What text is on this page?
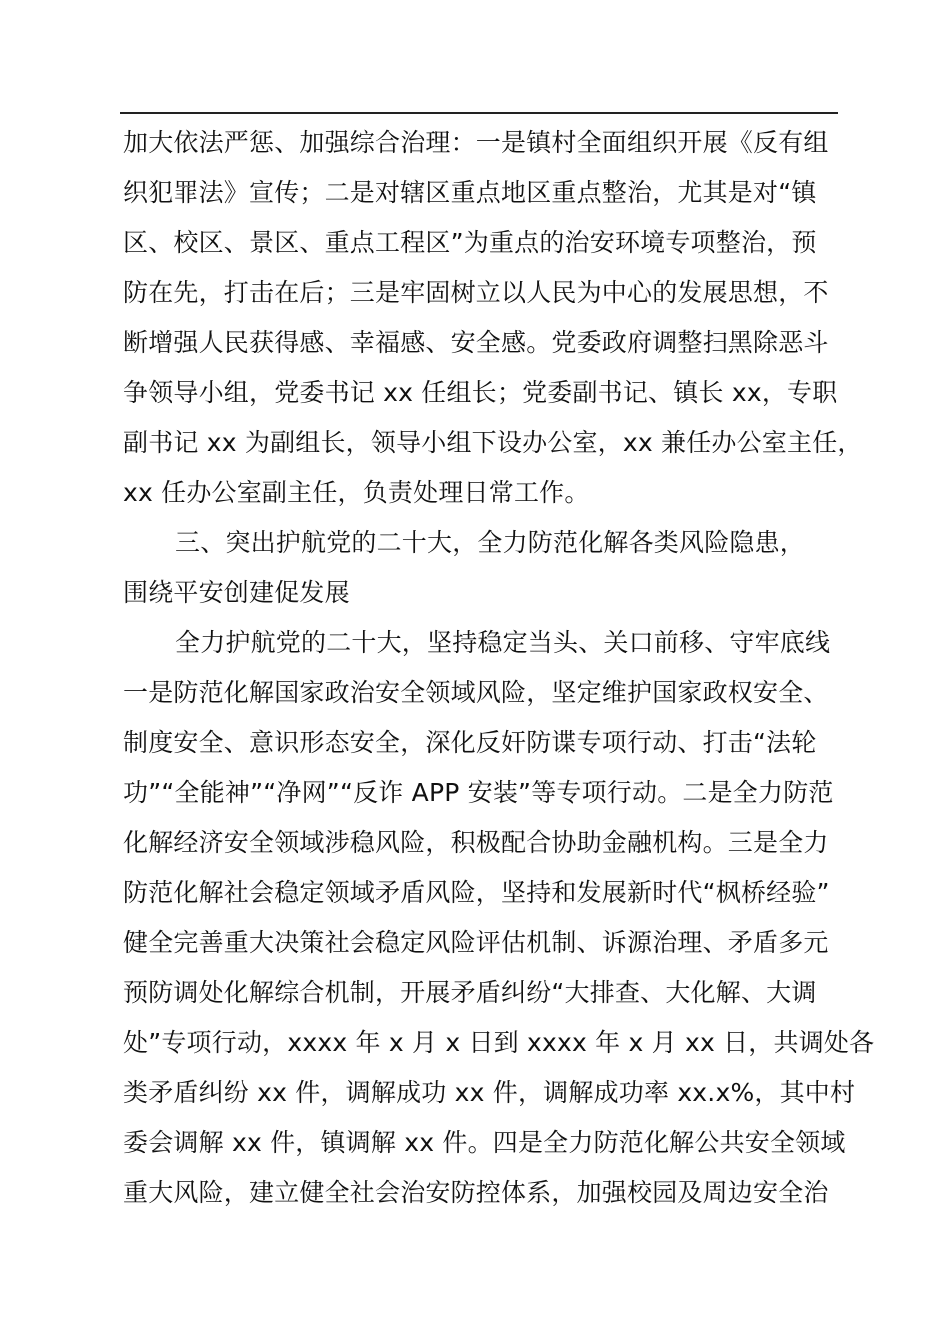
加大依法严惩、加强综合治理：一是镇村全面组织开展《反有组
织犯罪法》宣传；二是对辖区重点地区重点整治，尤其是对“镇
区、校区、景区、重点工程区”为重点的治安环境专项整治，预
防在先，打击在后；三是牢固树立以人民为中心的发展思想，不
断增强人民获得感、幸福感、安全感。党委政府调整扫黑除恶斗
争领导小组，党委书记 xx 任组长；党委副书记、镇长 xx，专职
副书记 xx 为副组长，领导小组下设办公室，xx 兼任办公室主任，
xx 任办公室副主任，负责处理日常工作。
三、突出护航党的二十大，全力防范化解各类风险隐患，
围绕平安创建促发展
全力护航党的二十大，坚持稳定当头、关口前移、守牢底线
一是防范化解国家政治安全领域风险，坚定维护国家政权安全、
制度安全、意识形态安全，深化反奸防谍专项行动、打击“法轮
功”“全能神”“净网”“反诈 APP 安装”等专项行动。二是全力防范
化解经济安全领域涉稳风险，积极配合协助金融机构。三是全力
防范化解社会稳定领域矛盾风险，坚持和发展新时代“枫桥经验”
健全完善重大决策社会稳定风险评估机制、诉源治理、矛盾多元
预防调处化解综合机制，开展矛盾纠纷“大排查、大化解、大调
处”专项行动，xxxx 年 x 月 x 日到 xxxx 年 x 月 xx 日，共调处各
类矛盾纠纷 xx 件，调解成功 xx 件，调解成功率 xx.x%，其中村
委会调解 xx 件，镇调解 xx 件。四是全力防范化解公共安全领域
重大风险，建立健全社会治安防控体系，加强校园及周边安全治
